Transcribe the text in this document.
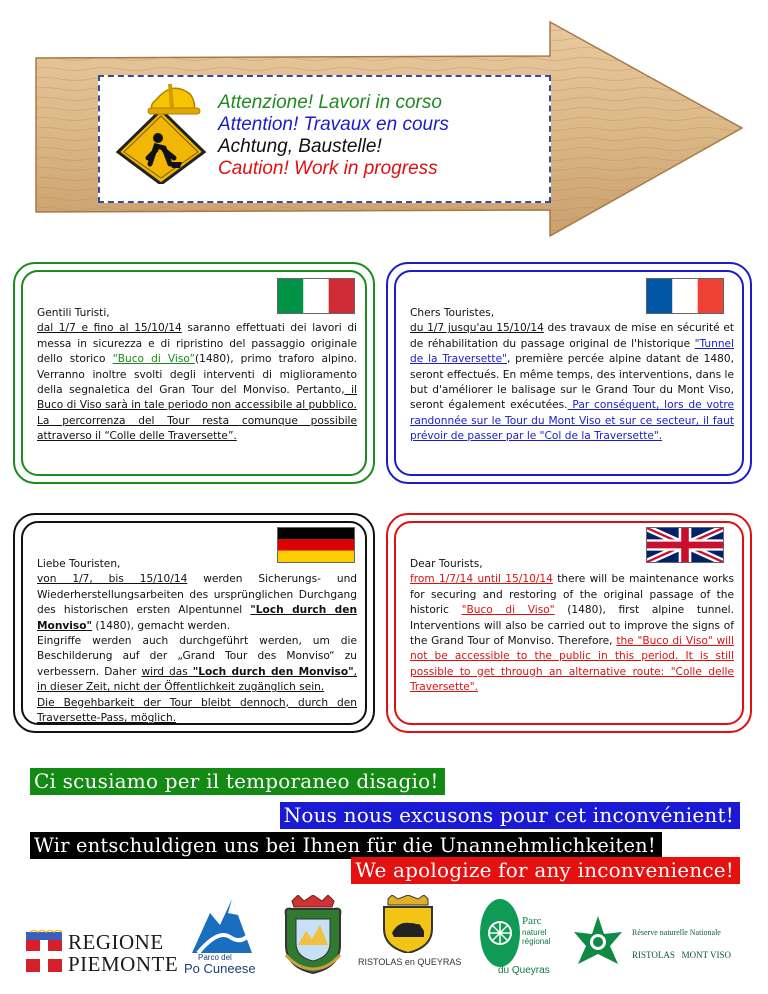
Attenzione! Lavori in corso
Attention! Travaux en cours
Achtung, Baustelle!
Caution! Work in progress

Gentili Turisti,

dal 1/7 e fino al 15/10/14 saranno effettuati dei lavori di messa in sicurezza e di ripristino del passaggio originale dello storico “Buco di Viso”(1480), primo traforo alpino. Verranno inoltre svolti degli interventi di miglioramento della segnaletica del Gran Tour del Monviso. Pertanto, il Buco di Viso sarà in tale periodo non accessibile al pubblico.

La percorrenza del Tour resta comunque possibile attraverso il “Colle delle Traversette”.

Chers Touristes,

du 1/7 jusqu'au 15/10/14 des travaux de mise en sécurité et de réhabilitation du passage original de l'historique "Tunnel de la Traversette", première percée alpine datant de 1480, seront effectués. En même temps, des interventions, dans le but d'améliorer le balisage sur le Grand Tour du Mont Viso, seront également exécutées. Par conséquent, lors de votre randonnée sur le Tour du Mont Viso et sur ce secteur, il faut prévoir de passer par le "Col de la Traversette".

Liebe Touristen,

von 1/7, bis 15/10/14 werden Sicherungs- und Wiederherstellungsarbeiten des ursprünglichen Durchgang des historischen ersten Alpentunnel "Loch durch den Monviso" (1480), gemacht werden.

Eingriffe werden auch durchgeführt werden, um die Beschilderung auf der „Grand Tour des Monviso“ zu verbessern. Daher wird das "Loch durch den Monviso", in dieser Zeit, nicht der Öffentlichkeit zugänglich sein.

Die Begehbarkeit der Tour bleibt dennoch, durch den Traversette-Pass, möglich.

Dear Tourists,

from 1/7/14 until 15/10/14 there will be maintenance works for securing and restoring of the original passage of the historic "Buco di Viso" (1480), first alpine tunnel. Interventions will also be carried out to improve the signs of the Grand Tour of Monviso. Therefore, the "Buco di Viso" will not be accessible to the public in this period. It is still possible to get through an alternative route: "Colle delle Traversette".

Ci scusiamo per il temporaneo disagio!
Nous nous excusons pour cet inconvénient!
Wir entschuldigen uns bei Ihnen für die Unannehmlichkeiten!
We apologize for any inconvenience!
REGIONE
PIEMONTE Parco del
Po Cuneese	RISTOLAS en QUEYRAS
Parc
naturel
régional
du Queyras
Réserve naturelle Nationale
RISTOLAS   MONT VISO
